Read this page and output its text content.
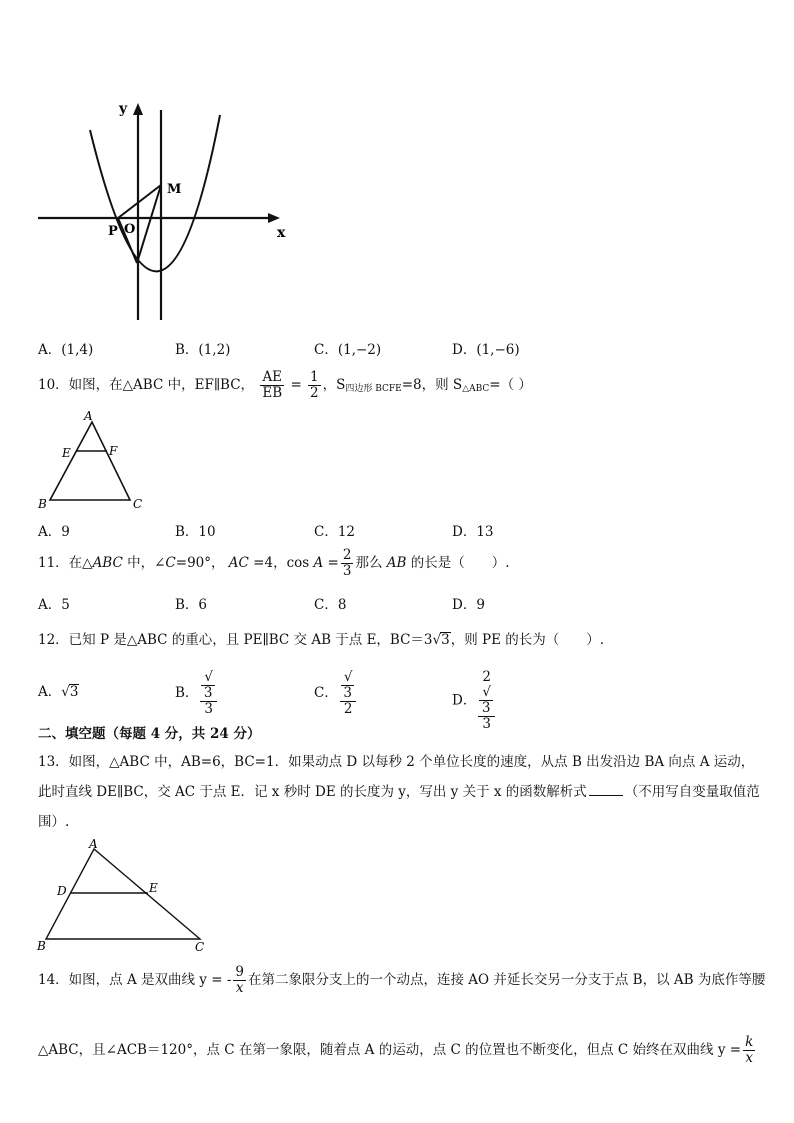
y
x
M
P O
A．(1,4)	B．(1,2)	C．(1,−2)	D．(1,−6)
10．如图，在△ABC 中，EF∥BC， $\frac{AE}{EB} = \frac{1}{2}$ ，$S_{四边形 BCFE}=8$，则 $S_{\triangle ABC}=$（ ）
A
E	F
B	C
A．9	B．10	C．12	D．13
11．在△ABC 中，∠C=90°， AC =4，$\cos A = \frac{2}{3}$ 那么 AB 的长是（　　）.
A．5	B．6	C．8	D．9
12．已知 P 是△ABC 的重心，且 PE∥BC 交 AB 于点 E，BC＝3√3，则 PE 的长为（　　）.
A．√3	B． √
3
3	C． √
3
2	D． 2
√
3
3
二、填空题（每题 4 分，共 24 分）
13．如图，△ABC 中，AB=6，BC=1．如果动点 D 以每秒 2 个单位长度的速度，从点 B 出发沿边 BA 向点 A 运动，
此时直线 DE∥BC，交 AC 于点 E．记 x 秒时 DE 的长度为 y，写出 y 关于 x 的函数解析式	（不用写自变量取值范
围）.
A
D	E
B	C
14．如图，点 A 是双曲线 y = - $\frac{9}{x}$ 在第二象限分支上的一个动点，连接 AO 并延长交另一分支于点 B，以 AB 为底作等腰
△ABC，且∠ACB＝120°，点 C 在第一象限，随着点 A 的运动，点 C 的位置也不断变化，但点 C 始终在双曲线 $y = \frac{k}{x}$
